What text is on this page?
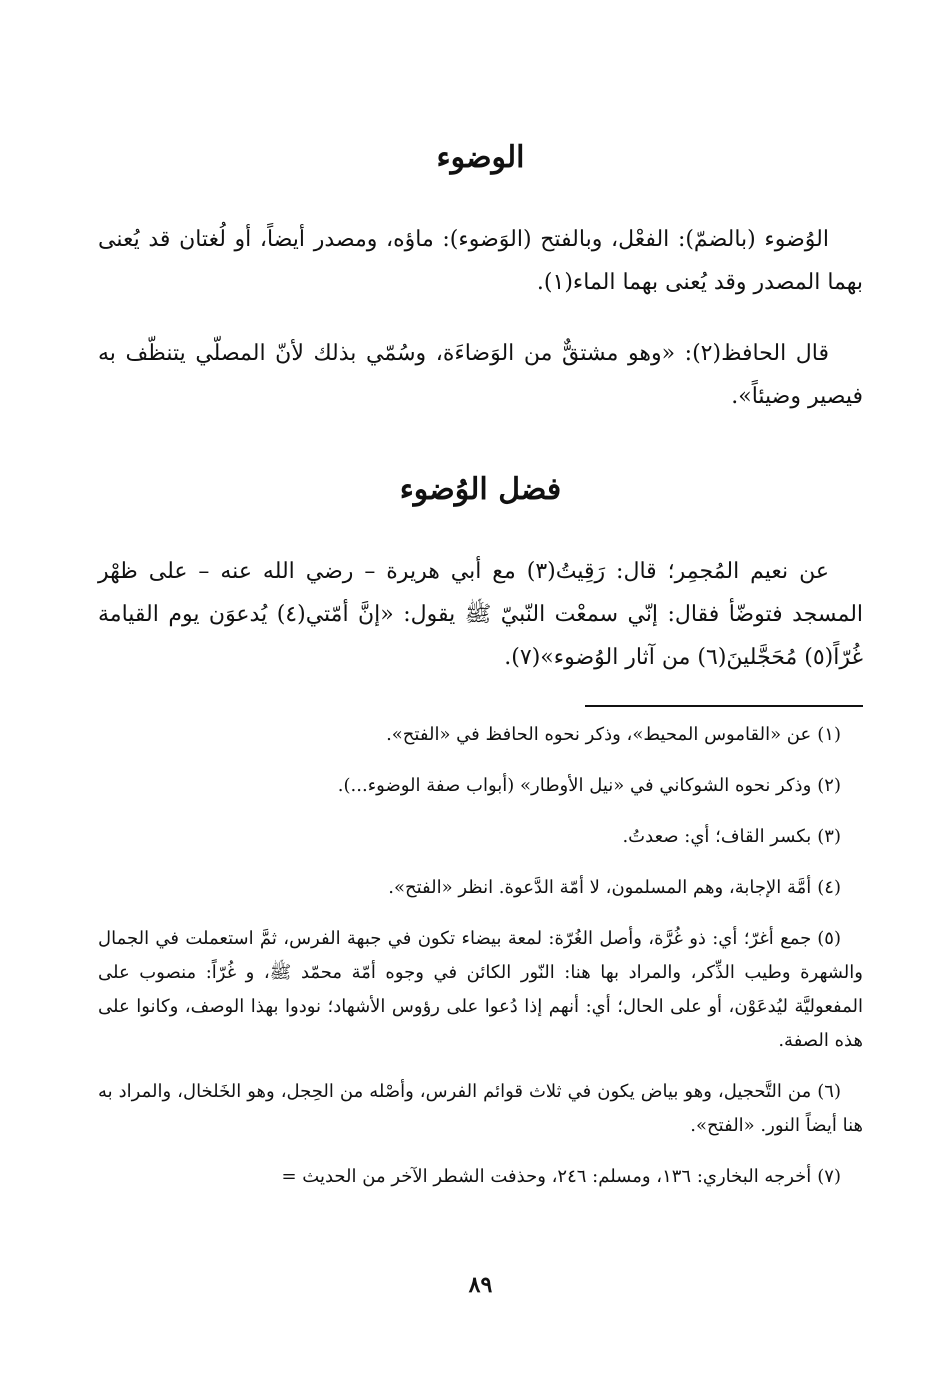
الوضوء

الوُضوء (بالضمّ): الفعْل، وبالفتح (الوَضوء): ماؤه، ومصدر أيضاً، أو لُغتان قد يُعنى بهما المصدر وقد يُعنى بهما الماء(١).

قال الحافظ(٢): «وهو مشتقٌّ من الوَضاءَة، وسُمّي بذلك لأنّ المصلّي يتنظّف به فيصير وضيئاً».

فضل الوُضوء

عن نعيم المُجمِر؛ قال: رَقِيتُ(٣) مع أبي هريرة – رضي الله عنه – على ظهْر المسجد فتوضّأ فقال: إنّي سمعْت النّبيّ ﷺ يقول: «إنَّ أمّتي(٤) يُدعوَن يوم القيامة غُرّاً(٥) مُحَجَّلينَ(٦) من آثار الوُضوء»(٧).

(١)عن «القاموس المحيط»، وذكر نحوه الحافظ في «الفتح».
(٢)وذكر نحوه الشوكاني في «نيل الأوطار» (أبواب صفة الوضوء...).
(٣)بكسر القاف؛ أي: صعدتُ.
(٤)أمَّة الإجابة، وهم المسلمون، لا أمّة الدَّعوة. انظر «الفتح».
(٥)جمع أغرّ؛ أي: ذو غُرَّة، وأصل الغُرّة: لمعة بيضاء تكون في جبهة الفرس، ثمَّ استعملت في الجمال والشهرة وطيب الذِّكر، والمراد بها هنا: النّور الكائن في وجوه أمّة محمّد ﷺ، و غُرّاً: منصوب على المفعوليَّة ليُدعَوْن، أو على الحال؛ أي: أنهم إذا دُعوا على رؤوس الأشهاد؛ نودوا بهذا الوصف، وكانوا على هذه الصفة.
(٦)من التَّحجيل، وهو بياض يكون في ثلاث قوائم الفرس، وأصْله من الحِجل، وهو الخَلخال، والمراد به هنا أيضاً النور. «الفتح».
(٧)أخرجه البخاري: ١٣٦، ومسلم: ٢٤٦، وحذفت الشطر الآخر من الحديث =
٨٩
